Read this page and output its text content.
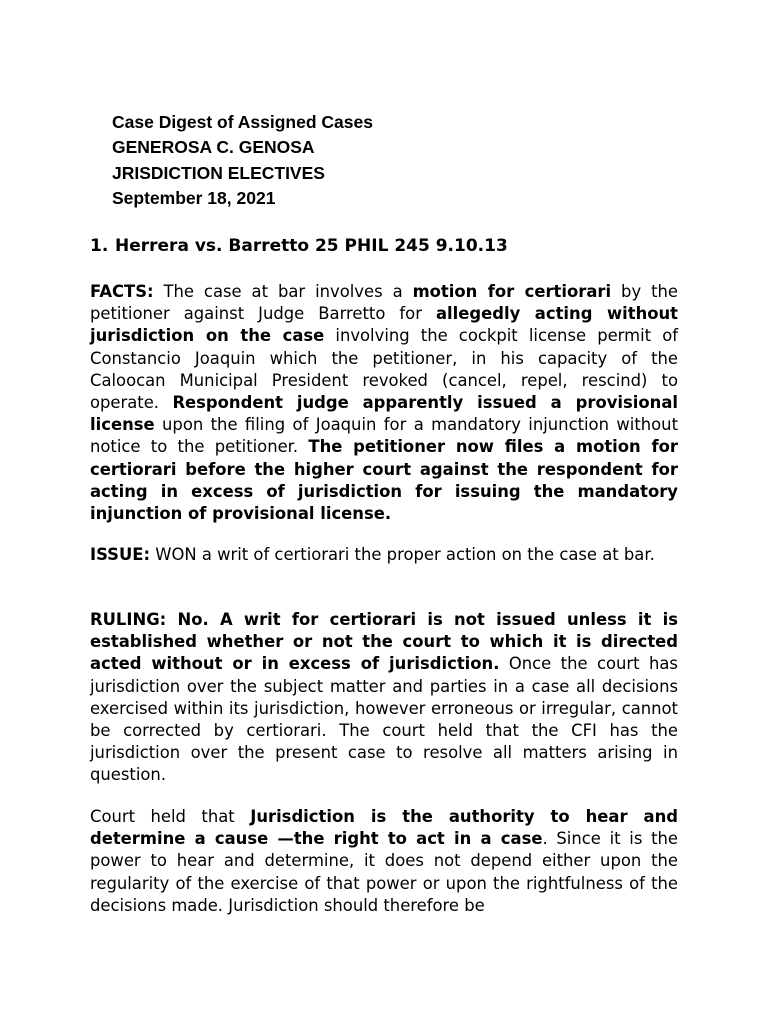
Case Digest of Assigned Cases
GENEROSA C. GENOSA
JRISDICTION ELECTIVES
September 18, 2021
1. Herrera vs. Barretto 25 PHIL 245 9.10.13

FACTS: The case at bar involves a motion for certiorari by the petitioner against Judge Barretto for allegedly acting without jurisdiction on the case involving the cockpit license permit of Constancio Joaquin which the petitioner, in his capacity of the Caloocan Municipal President revoked (cancel, repel, rescind) to operate. Respondent judge apparently issued a provisional license upon the filing of Joaquin for a mandatory injunction without notice to the petitioner. The petitioner now files a motion for certiorari before the higher court against the respondent for acting in excess of jurisdiction for issuing the mandatory injunction of provisional license.

ISSUE: WON a writ of certiorari the proper action on the case at bar.

RULING: No. A writ for certiorari is not issued unless it is established whether or not the court to which it is directed acted without or in excess of jurisdiction. Once the court has jurisdiction over the subject matter and parties in a case all decisions exercised within its jurisdiction, however erroneous or irregular, cannot be corrected by certiorari. The court held that the CFI has the jurisdiction over the present case to resolve all matters arising in question.

Court held that Jurisdiction is the authority to hear and determine a cause —the right to act in a case. Since it is the power to hear and determine, it does not depend either upon the regularity of the exercise of that power or upon the rightfulness of the decisions made. Jurisdiction should therefore be
